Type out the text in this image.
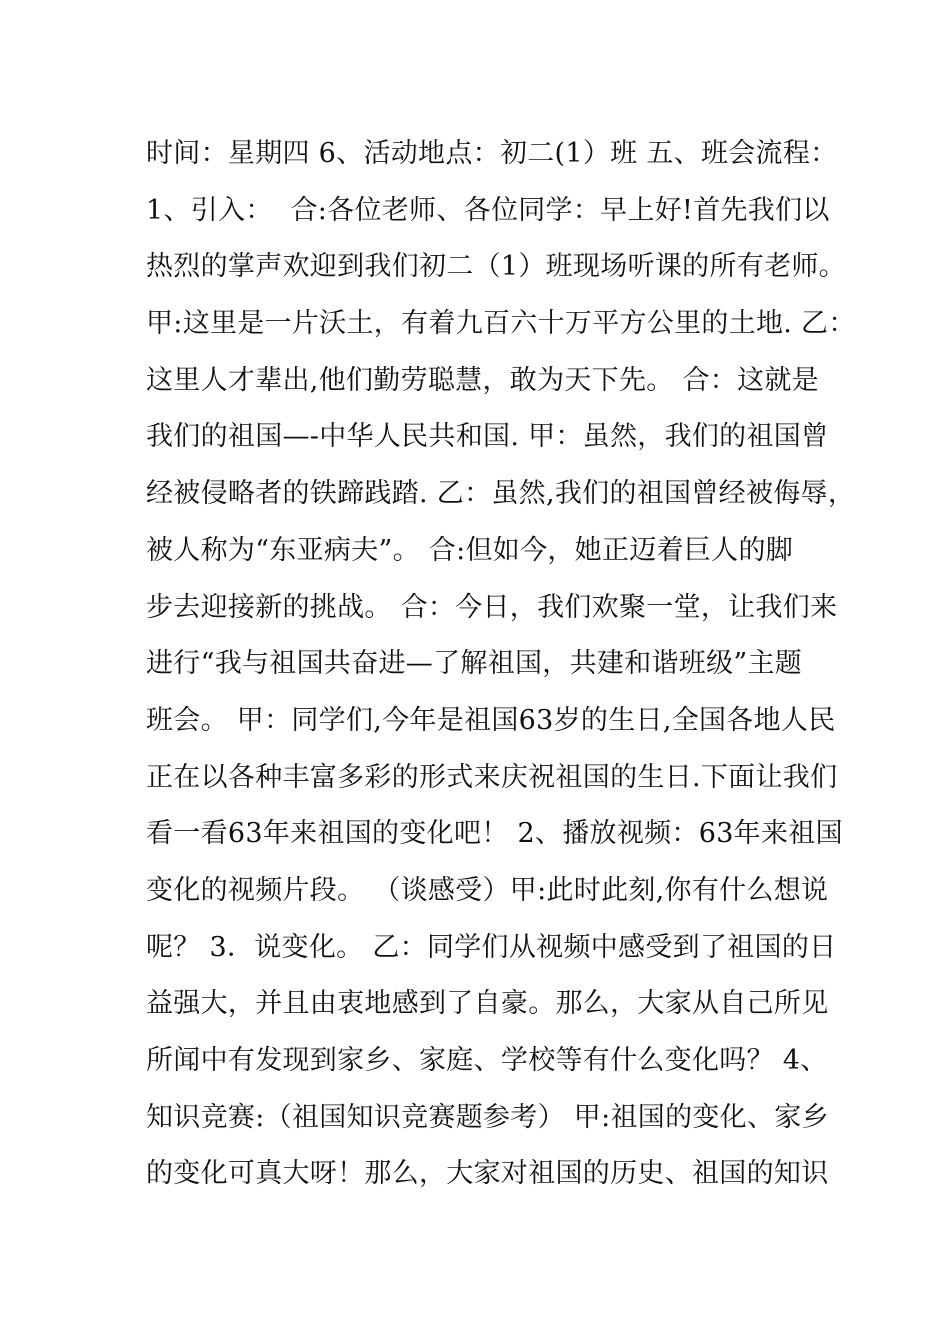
时间：星期四 6、活动地点：初二(1）班 五、班会流程：
1、引入：  合:各位老师、各位同学：早上好!首先我们以
热烈的掌声欢迎到我们初二（1）班现场听课的所有老师。
甲:这里是一片沃土，有着九百六十万平方公里的土地. 乙：
这里人才辈出,他们勤劳聪慧，敢为天下先。 合：这就是
我们的祖国—-中华人民共和国. 甲：虽然，我们的祖国曾
经被侵略者的铁蹄践踏. 乙：虽然,我们的祖国曾经被侮辱，
被人称为“东亚病夫”。 合:但如今，她正迈着巨人的脚
步去迎接新的挑战。 合：今日，我们欢聚一堂，让我们来
进行“我与祖国共奋进—了解祖国，共建和谐班级”主题
班会。 甲：同学们,今年是祖国63岁的生日,全国各地人民
正在以各种丰富多彩的形式来庆祝祖国的生日.下面让我们
看一看63年来祖国的变化吧！ 2、播放视频：63年来祖国
变化的视频片段。 （谈感受）甲:此时此刻,你有什么想说
呢？ 3．说变化。 乙：同学们从视频中感受到了祖国的日
益强大，并且由衷地感到了自豪。那么，大家从自己所见
所闻中有发现到家乡、家庭、学校等有什么变化吗？ 4、
知识竞赛:（祖国知识竞赛题参考） 甲:祖国的变化、家乡
的变化可真大呀！那么，大家对祖国的历史、祖国的知识
